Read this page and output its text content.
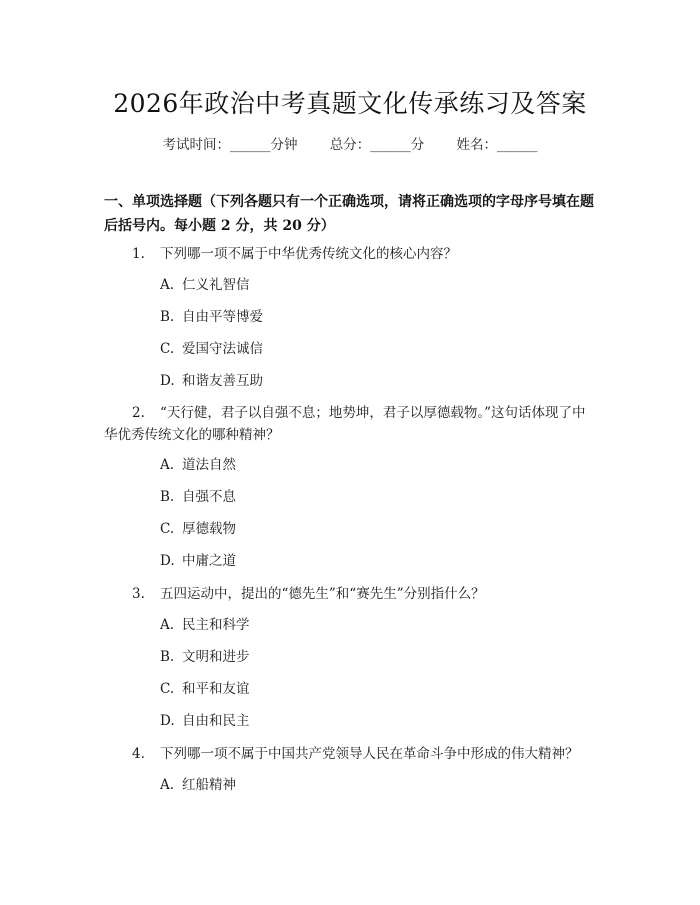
2026年政治中考真题文化传承练习及答案
考试时间：______分钟 总分：______分 姓名：______
一、单项选择题（下列各题只有一个正确选项，请将正确选项的字母序号填在题后括号内。每小题 2 分，共 20 分）
1. 下列哪一项不属于中华优秀传统文化的核心内容？
A. 仁义礼智信
B. 自由平等博爱
C. 爱国守法诚信
D. 和谐友善互助
2. “天行健，君子以自强不息；地势坤，君子以厚德载物。”这句话体现了中华优秀传统文化的哪种精神？
A. 道法自然
B. 自强不息
C. 厚德载物
D. 中庸之道
3. 五四运动中，提出的“德先生”和“赛先生”分别指什么？
A. 民主和科学
B. 文明和进步
C. 和平和友谊
D. 自由和民主
4. 下列哪一项不属于中国共产党领导人民在革命斗争中形成的伟大精神？
A. 红船精神
